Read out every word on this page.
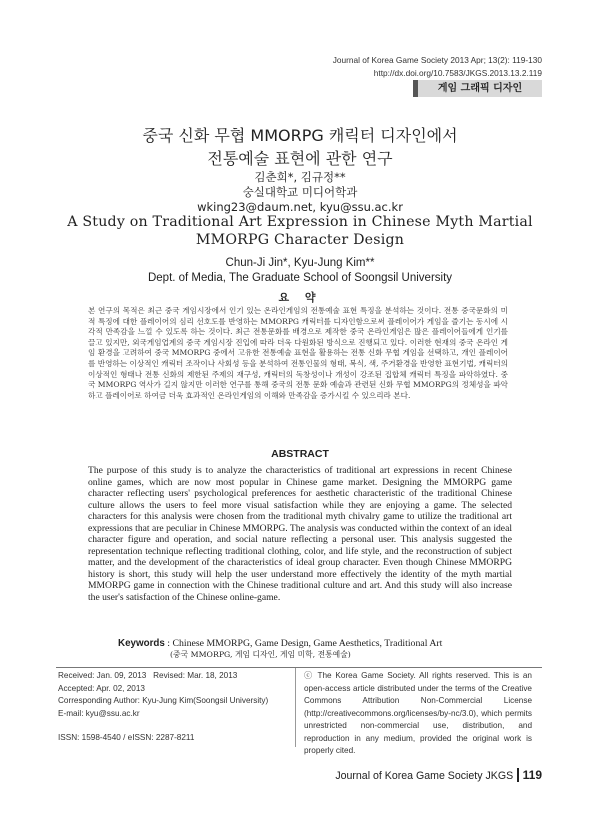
Journal of Korea Game Society 2013 Apr; 13(2): 119-130
http://dx.doi.org/10.7583/JKGS.2013.13.2.119
게임 그래픽 디자인
중국 신화 무협 MMORPG 캐릭터 디자인에서
전통예술 표현에 관한 연구
김춘희*, 김규정**
숭실대학교 미디어학과
wking23@daum.net, kyu@ssu.ac.kr
A Study on Traditional Art Expression in Chinese Myth Martial
MMORPG Character Design
Chun-Ji Jin*, Kyu-Jung Kim**
Dept. of Media, The Graduate School of Soongsil University
요 약
본 연구의 목적은 최근 중국 게임시장에서 인기 있는 온라인게임의 전통예술 표현 특징을 분석하는 것이다. 전통 중국문화의 미적 특징에 대한 플레이어의 심리 선호도를 반영하는 MMORPG 캐릭터를 디자인함으로써 플레이어가 게임을 즐기는 동시에 시각적 만족감을 느낄 수 있도록 하는 것이다. 최근 전통문화를 배경으로 제작한 중국 온라인게임은 많은 플레이어들에게 인기를 끌고 있지만, 외국게임업계의 중국 게임시장 진입에 따라 더욱 다원화된 방식으로 진행되고 있다. 이러한 현재의 중국 온라인 게임 환경을 고려하여 중국 MMORPG 중에서 고유한 전통예술 표현을 활용하는 전통 신화 무협 게임을 선택하고, 개인 플레이어를 반영하는 이상적인 캐릭터 조작이나 사회성 등을 분석하여 전통인물의 형태, 복식, 색, 주거환경을 반영한 표현기법, 캐릭터의 이상적인 형태나 전통 신화의 제한된 주제의 재구성, 캐릭터의 독창성이나 개성이 강조된 집합체 캐릭터 특징을 파악하였다. 중국 MMORPG 역사가 길지 않지만 이러한 연구를 통해 중국의 전통 문화 예술과 관련된 신화 무협 MMORPG의 정체성을 파악하고 플레이어로 하여금 더욱 효과적인 온라인게임의 이해와 만족감을 증가시킬 수 있으리라 본다.
ABSTRACT
The purpose of this study is to analyze the characteristics of traditional art expressions in recent Chinese online games, which are now most popular in Chinese game market. Designing the MMORPG game character reflecting users' psychological preferences for aesthetic characteristic of the traditional Chinese culture allows the users to feel more visual satisfaction while they are enjoying a game. The selected characters for this analysis were chosen from the traditional myth chivalry game to utilize the traditional art expressions that are peculiar in Chinese MMORPG. The analysis was conducted within the context of an ideal character figure and operation, and social nature reflecting a personal user. This analysis suggested the representation technique reflecting traditional clothing, color, and life style, and the reconstruction of subject matter, and the development of the characteristics of ideal group character. Even though Chinese MMORPG history is short, this study will help the user understand more effectively the identity of the myth martial MMORPG game in connection with the Chinese traditional culture and art. And this study will also increase the user's satisfaction of the Chinese online-game.
Keywords : Chinese MMORPG, Game Design, Game Aesthetics, Traditional Art
(중국 MMORPG, 게임 디자인, 게임 미학, 전통예술)
Received: Jan. 09, 2013   Revised: Mar. 18, 2013
Accepted: Apr. 02, 2013
Corresponding Author: Kyu-Jung Kim(Soongsil University)
E-mail: kyu@ssu.ac.kr
ISSN: 1598-4540 / eISSN: 2287-8211
ⓒ The Korea Game Society. All rights reserved. This is an open-access article distributed under the terms of the Creative Commons Attribution Non-Commercial License (http://creativecommons.org/licenses/by-nc/3.0), which permits unrestricted non-commercial use, distribution, and reproduction in any medium, provided the original work is properly cited.
Journal of Korea Game Society JKGS 119
